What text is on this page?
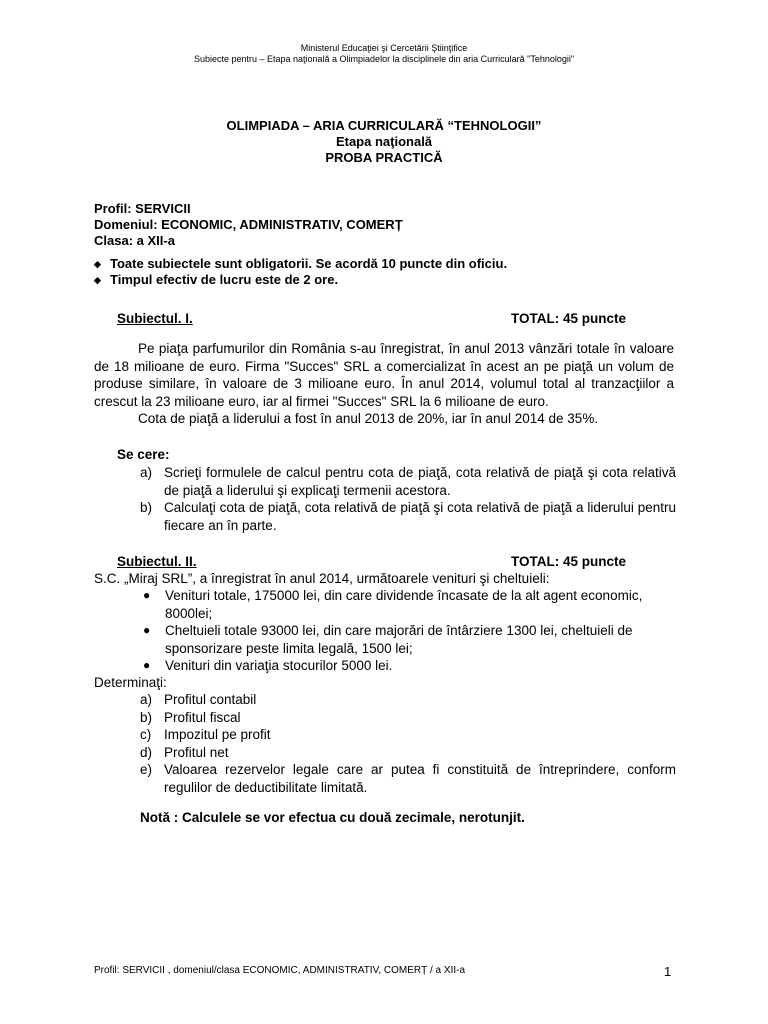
Ministerul Educaţiei şi Cercetării Ştiinţifice
Subiecte pentru – Etapa naţională a Olimpiadelor la disciplinele din aria Curriculară "Tehnologii"
OLIMPIADA – ARIA CURRICULARĂ “TEHNOLOGII”
Etapa naţională
PROBA PRACTICĂ
Profil: SERVICII
Domeniul: ECONOMIC, ADMINISTRATIV, COMERȚ
Clasa: a XII-a
◆ Toate subiectele sunt obligatorii. Se acordă 10 puncte din oficiu.
◆ Timpul efectiv de lucru este de 2 ore.
Subiectul. I.	TOTAL: 45 puncte

Pe piaţa parfumurilor din România s-au înregistrat, în anul 2013 vânzări totale în valoare de 18 milioane de euro. Firma "Succes" SRL a comercializat în acest an pe piaţă un volum de produse similare, în valoare de 3 milioane euro. În anul 2014, volumul total al tranzacţiilor a crescut la 23 milioane euro, iar al firmei "Succes" SRL la 6 milioane de euro.

Cota de piaţă a liderului a fost în anul 2013 de 20%, iar în anul 2014 de 35%.

Se cere:
a) Scrieţi formulele de calcul pentru cota de piaţă, cota relativă de piaţă şi cota relativă de piaţă a liderului şi explicaţi termenii acestora.
b) Calculaţi cota de piaţă, cota relativă de piaţă şi cota relativă de piaţă a liderului pentru fiecare an în parte.
Subiectul. II.	TOTAL: 45 puncte
S.C. „Miraj SRL”, a înregistrat în anul 2014, următoarele venituri şi cheltuieli:
● Venituri totale, 175000 lei, din care dividende încasate de la alt agent economic, 8000lei;
● Cheltuieli totale 93000 lei, din care majorări de întârziere 1300 lei, cheltuieli de sponsorizare peste limita legală, 1500 lei;
● Venituri din variaţia stocurilor 5000 lei.
Determinaţi:
a) Profitul contabil
b) Profitul fiscal
c) Impozitul pe profit
d) Profitul net
e) Valoarea rezervelor legale care ar putea fi constituită de întreprindere, conform regulilor de deductibilitate limitată.
Notă : Calculele se vor efectua cu două zecimale, nerotunjit.
Profil: SERVICII , domeniul/clasa ECONOMIC, ADMINISTRATIV, COMERȚ / a XII-a	1
